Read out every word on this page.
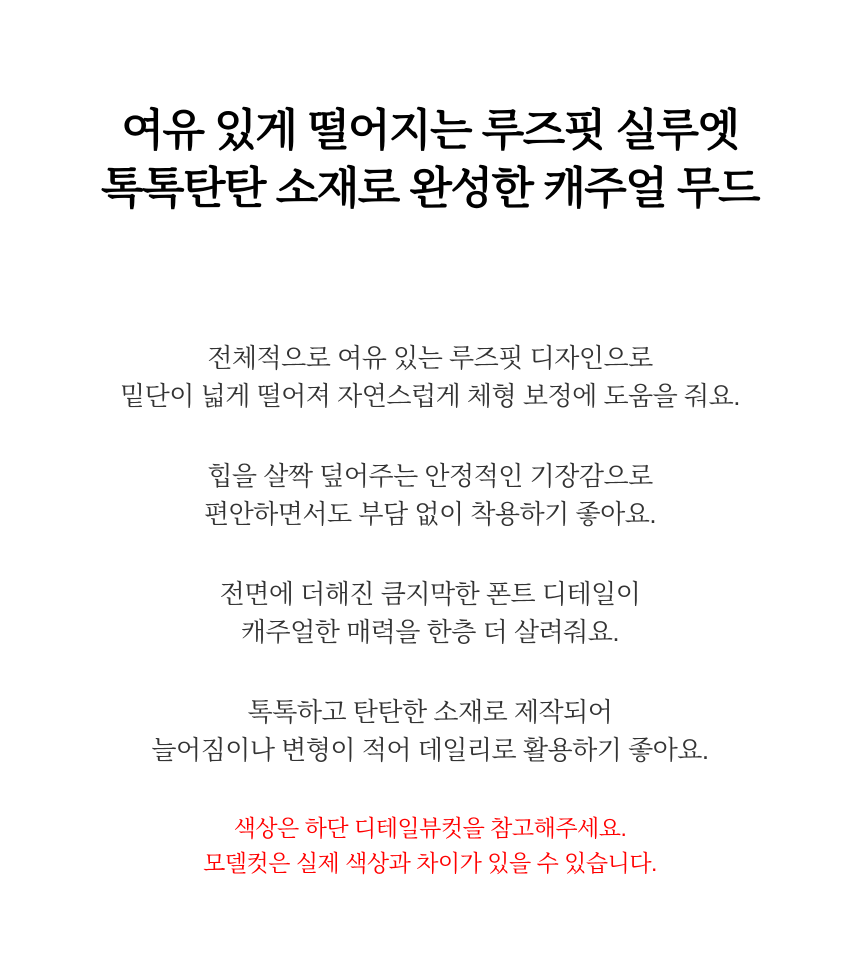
여유 있게 떨어지는 루즈핏 실루엣
톡톡탄탄 소재로 완성한 캐주얼 무드

전체적으로 여유 있는 루즈핏 디자인으로
밑단이 넓게 떨어져 자연스럽게 체형 보정에 도움을 줘요.

힙을 살짝 덮어주는 안정적인 기장감으로
편안하면서도 부담 없이 착용하기 좋아요.

전면에 더해진 큼지막한 폰트 디테일이
캐주얼한 매력을 한층 더 살려줘요.

톡톡하고 탄탄한 소재로 제작되어
늘어짐이나 변형이 적어 데일리로 활용하기 좋아요.

색상은 하단 디테일뷰컷을 참고해주세요.
모델컷은 실제 색상과 차이가 있을 수 있습니다.
